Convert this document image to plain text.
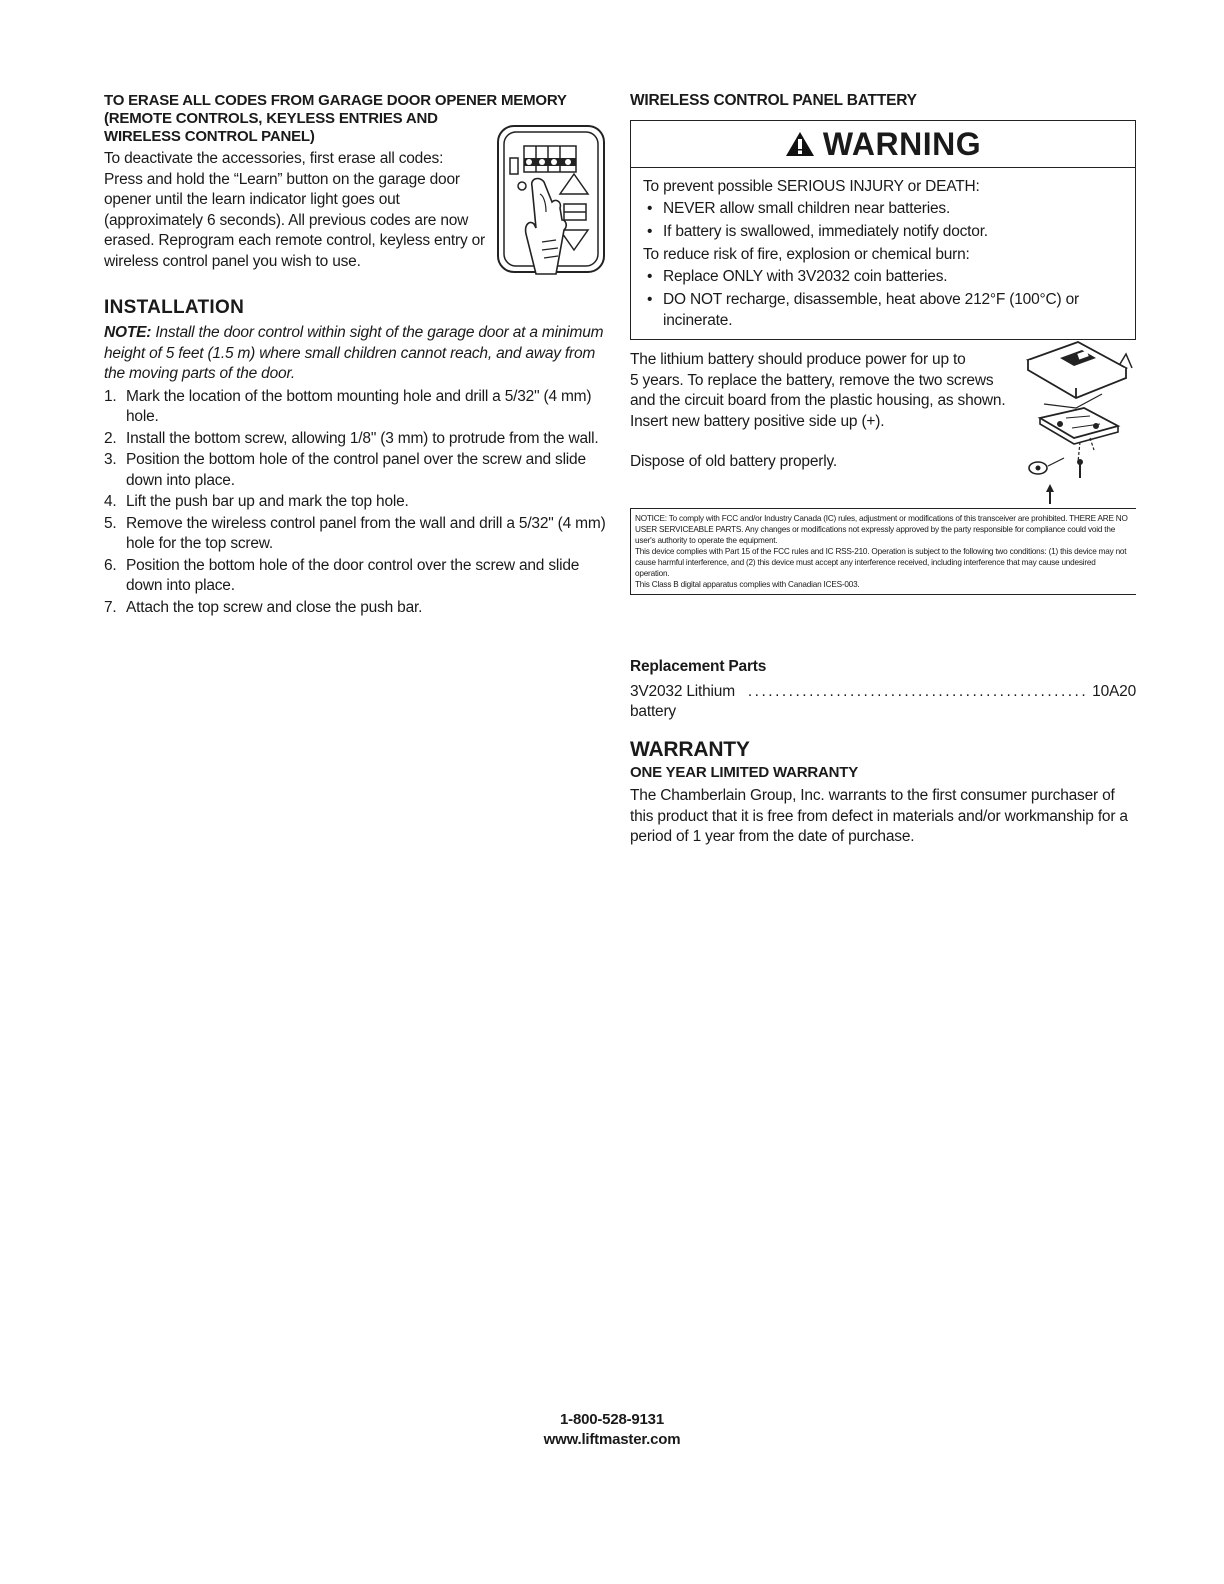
TO ERASE ALL CODES FROM GARAGE DOOR OPENER MEMORY

(REMOTE CONTROLS, KEYLESS ENTRIES AND

WIRELESS CONTROL PANEL)

To deactivate the accessories, first erase all codes:

Press and hold the “Learn” button on the garage door

opener until the learn indicator light goes out

(approximately 6 seconds). All previous codes are now

erased. Reprogram each remote control, keyless entry or

wireless control panel you wish to use.

INSTALLATION

NOTE: Install the door control within sight of the garage door at a minimum height of 5 feet (1.5 m) where small children cannot reach, and away from the moving parts of the door.

1. Mark the location of the bottom mounting hole and drill a 5/32" (4 mm) hole.
2. Install the bottom screw, allowing 1/8" (3 mm) to protrude from the wall.
3. Position the bottom hole of the control panel over the screw and slide down into place.
4. Lift the push bar up and mark the top hole.
5. Remove the wireless control panel from the wall and drill a 5/32" (4 mm) hole for the top screw.
6. Position the bottom hole of the door control over the screw and slide down into place.
7. Attach the top screw and close the push bar.

WIRELESS CONTROL PANEL BATTERY

WARNING

To prevent possible SERIOUS INJURY or DEATH:

• NEVER allow small children near batteries.
• If battery is swallowed, immediately notify doctor.

To reduce risk of fire, explosion or chemical burn:

• Replace ONLY with 3V2032 coin batteries.
• DO NOT recharge, disassemble, heat above 212°F (100°C) or incinerate.

The lithium battery should produce power for up to

5 years. To replace the battery, remove the two screws

and the circuit board from the plastic housing, as shown.

Insert new battery positive side up (+).

Dispose of old battery properly.

NOTICE: To comply with FCC and/or Industry Canada (IC) rules, adjustment or modifications of this transceiver are prohibited. THERE ARE NO USER SERVICEABLE PARTS. Any changes or modifications not expressly approved by the party responsible for compliance could void the user's authority to operate the equipment.

This device complies with Part 15 of the FCC rules and IC RSS-210. Operation is subject to the following two conditions: (1) this device may not cause harmful interference, and (2) this device must accept any interference received, including interference that may cause undesired operation.

This Class B digital apparatus complies with Canadian ICES-003.

Replacement Parts
3V2032 Lithium battery
.................................................. 10A20
WARRANTY
ONE YEAR LIMITED WARRANTY
The Chamberlain Group, Inc. warrants to the first consumer purchaser of this product that it is free from defect in materials and/or workmanship for a period of 1 year from the date of purchase.
1-800-528-9131
www.liftmaster.com
